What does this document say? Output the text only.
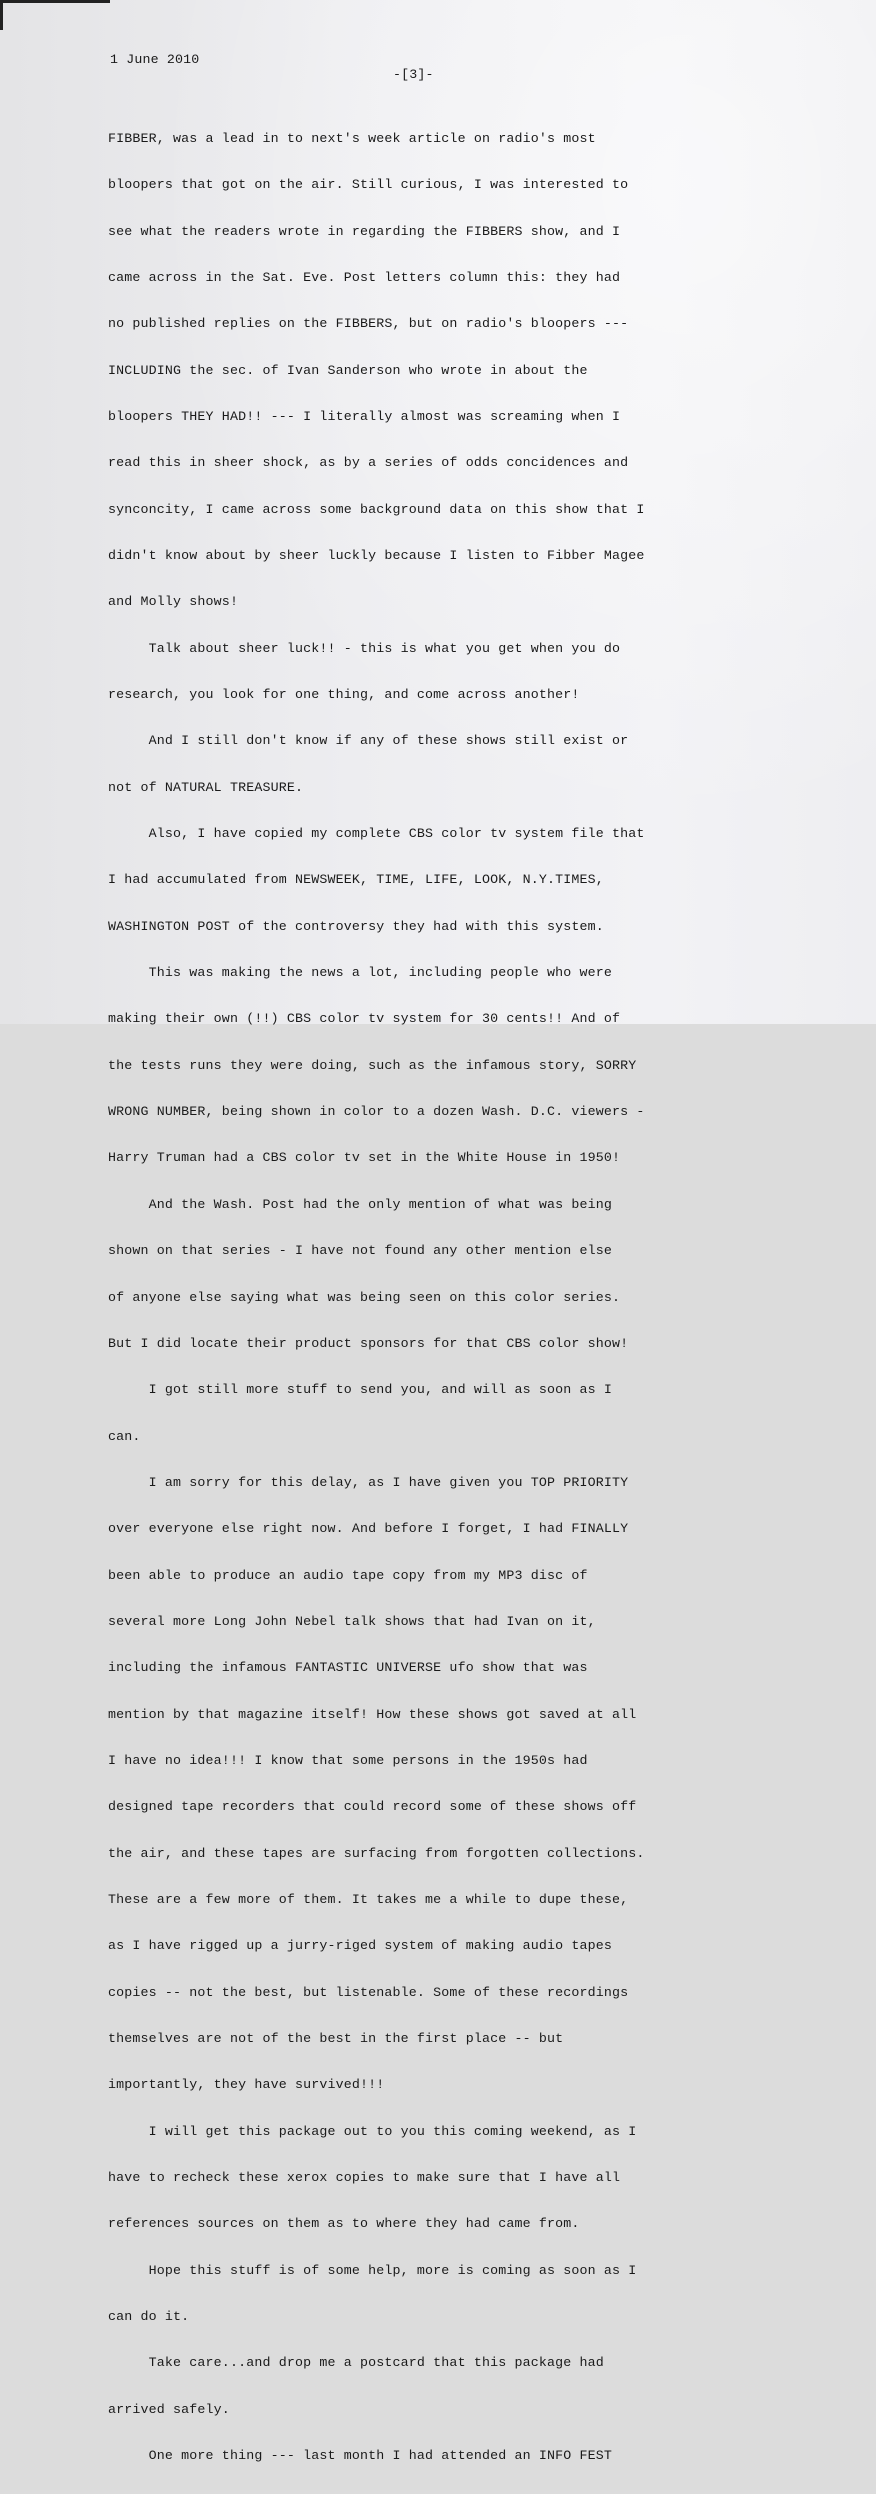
1 June 2010

-[3]-

FIBBER, was a lead in to next's week article on radio's most

bloopers that got on the air. Still curious, I was interested to

see what the readers wrote in regarding the FIBBERS show, and I

came across in the Sat. Eve. Post letters column this: they had

no published replies on the FIBBERS, but on radio's bloopers ---

INCLUDING the sec. of Ivan Sanderson who wrote in about the

bloopers THEY HAD!! --- I literally almost was screaming when I

read this in sheer shock, as by a series of odds concidences and

synconcity, I came across some background data on this show that I

didn't know about by sheer luckly because I listen to Fibber Magee

and Molly shows!

Talk about sheer luck!! - this is what you get when you do

research, you look for one thing, and come across another!

And I still don't know if any of these shows still exist or

not of NATURAL TREASURE.

Also, I have copied my complete CBS color tv system file that

I had accumulated from NEWSWEEK, TIME, LIFE, LOOK, N.Y.TIMES,

WASHINGTON POST of the controversy they had with this system.

This was making the news a lot, including people who were

making their own (!!) CBS color tv system for 30 cents!! And of

the tests runs they were doing, such as the infamous story, SORRY

WRONG NUMBER, being shown in color to a dozen Wash. D.C. viewers -

Harry Truman had a CBS color tv set in the White House in 1950!

And the Wash. Post had the only mention of what was being

shown on that series - I have not found any other mention else

of anyone else saying what was being seen on this color series.

But I did locate their product sponsors for that CBS color show!

I got still more stuff to send you, and will as soon as I

can.

I am sorry for this delay, as I have given you TOP PRIORITY

over everyone else right now. And before I forget, I had FINALLY

been able to produce an audio tape copy from my MP3 disc of

several more Long John Nebel talk shows that had Ivan on it,

including the infamous FANTASTIC UNIVERSE ufo show that was

mention by that magazine itself! How these shows got saved at all

I have no idea!!! I know that some persons in the 1950s had

designed tape recorders that could record some of these shows off

the air, and these tapes are surfacing from forgotten collections.

These are a few more of them. It takes me a while to dupe these,

as I have rigged up a jurry-riged system of making audio tapes

copies -- not the best, but listenable. Some of these recordings

themselves are not of the best in the first place -- but

importantly, they have survived!!!

I will get this package out to you this coming weekend, as I

have to recheck these xerox copies to make sure that I have all

references sources on them as to where they had came from.

Hope this stuff is of some help, more is coming as soon as I

can do it.

Take care...and drop me a postcard that this package had

arrived safely.

One more thing --- last month I had attended an INFO FEST
